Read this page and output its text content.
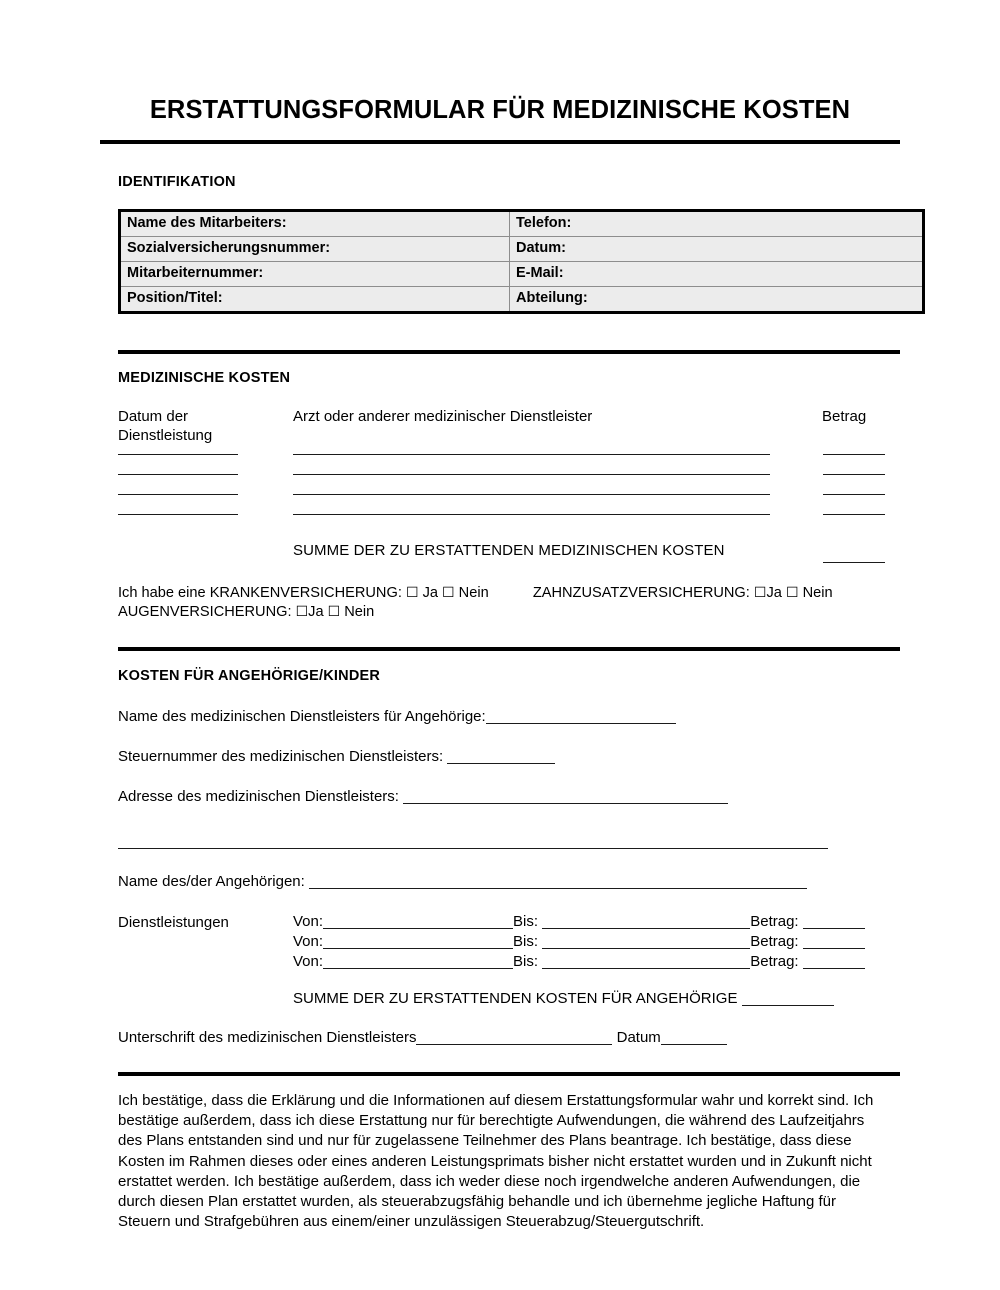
ERSTATTUNGSFORMULAR FÜR MEDIZINISCHE KOSTEN
IDENTIFIKATION
Name des Mitarbeiters:	Telefon:
Sozialversicherungsnummer:	Datum:
Mitarbeiternummer:	E-Mail:
Position/Titel:	Abteilung:
MEDIZINISCHE KOSTEN
Datum der
Dienstleistung
Arzt oder anderer medizinischer Dienstleister	Betrag
SUMME DER ZU ERSTATTENDEN MEDIZINISCHEN KOSTEN
Ich habe eine KRANKENVERSICHERUNG: ☐ Ja ☐ Nein	ZAHNZUSATZVERSICHERUNG: ☐Ja ☐ Nein
AUGENVERSICHERUNG: ☐Ja ☐ Nein
KOSTEN FÜR ANGEHÖRIGE/KINDER
Name des medizinischen Dienstleisters für Angehörige:
Steuernummer des medizinischen Dienstleisters:
Adresse des medizinischen Dienstleisters:
Name des/der Angehörigen:
Dienstleistungen	Von:	Bis:	Betrag:
Von:	Bis:	Betrag:
Von:	Bis:	Betrag:
SUMME DER ZU ERSTATTENDEN KOSTEN FÜR ANGEHÖRIGE
Unterschrift des medizinischen Dienstleisters	Datum
Ich bestätige, dass die Erklärung und die Informationen auf diesem Erstattungsformular wahr und korrekt sind. Ich bestätige außerdem, dass ich diese Erstattung nur für berechtigte Aufwendungen, die während des Laufzeitjahrs des Plans entstanden sind und nur für zugelassene Teilnehmer des Plans beantrage. Ich bestätige, dass diese Kosten im Rahmen dieses oder eines anderen Leistungsprimats bisher nicht erstattet wurden und in Zukunft nicht erstattet werden. Ich bestätige außerdem, dass ich weder diese noch irgendwelche anderen Aufwendungen, die durch diesen Plan erstattet wurden, als steuerabzugsfähig behandle und ich übernehme jegliche Haftung für Steuern und Strafgebühren aus einem/einer unzulässigen Steuerabzug/Steuergutschrift.
